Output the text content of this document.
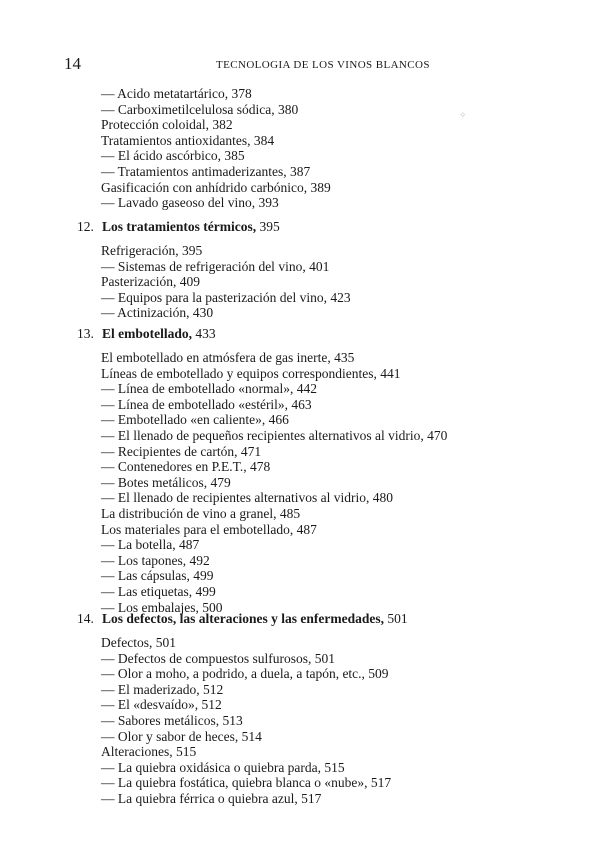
14	TECNOLOGIA DE LOS VINOS BLANCOS
✧
— Acido metatartárico, 378
— Carboximetilcelulosa sódica, 380
Protección coloidal, 382
Tratamientos antioxidantes, 384
— El ácido ascórbico, 385
— Tratamientos antimaderizantes, 387
Gasificación con anhídrido carbónico, 389
— Lavado gaseoso del vino, 393
12. Los tratamientos térmicos, 395
Refrigeración, 395
— Sistemas de refrigeración del vino, 401
Pasterización, 409
— Equipos para la pasterización del vino, 423
— Actinización, 430
13. El embotellado, 433
El embotellado en atmósfera de gas inerte, 435
Líneas de embotellado y equipos correspondientes, 441
— Línea de embotellado «normal», 442
— Línea de embotellado «estéril», 463
— Embotellado «en caliente», 466
— El llenado de pequeños recipientes alternativos al vidrio, 470
— Recipientes de cartón, 471
— Contenedores en P.E.T., 478
— Botes metálicos, 479
— El llenado de recipientes alternativos al vidrio, 480
La distribución de vino a granel, 485
Los materiales para el embotellado, 487
— La botella, 487
— Los tapones, 492
— Las cápsulas, 499
— Las etiquetas, 499
— Los embalajes, 500
14. Los defectos, las alteraciones y las enfermedades, 501
Defectos, 501
— Defectos de compuestos sulfurosos, 501
— Olor a moho, a podrido, a duela, a tapón, etc., 509
— El maderizado, 512
— El «desvaído», 512
— Sabores metálicos, 513
— Olor y sabor de heces, 514
Alteraciones, 515
— La quiebra oxidásica o quiebra parda, 515
— La quiebra fostática, quiebra blanca o «nube», 517
— La quiebra férrica o quiebra azul, 517
